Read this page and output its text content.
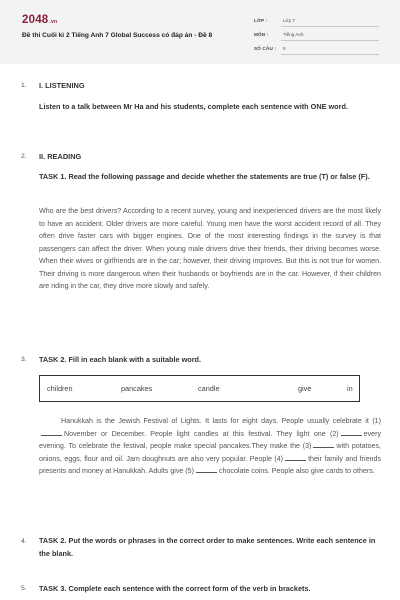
2048.vn
Đề thi Cuối kì 2 Tiếng Anh 7 Global Success có đáp án - Đề 8
LỚP :	Lớp 7
MÔN :	Tiếng Anh
SỐ CÂU : 5
1. I. LISTENING
Listen to a talk between Mr Ha and his students, complete each sentence with ONE word.
2. II. READING
TASK 1. Read the following passage and decide whether the statements are true (T) or false (F).

Who are the best drivers? According to a recent survey, young and inexperienced drivers are the most likely to have an accident. Older drivers are more careful. Young men have the worst accident record of all. They often drive faster cars with bigger engines. One of the most interesting findings in the survey is that passengers can affect the driver. When young male drivers drive their friends, their driving becomes worse. When their wives or girlfriends are in the car; however, their driving improves. But this is not true for women. Their driving is more dangerous when their husbands or boyfriends are in the car. However, if their children are riding in the car, they drive more slowly and safely.

3. TASK 2. Fill in each blank with a suitable word.
children	pancakes	candle	give	in

Hanukkah is the Jewish Festival of Lights. It lasts for eight days. People usually celebrate it (1)November or December. People light candles at this festival. They light one (2)	every evening. To celebrate the festival, people make special pancakes.They make the (3)	with potatoes, onions, eggs, flour and oil. Jam doughnuts are also very popular. People (4)	their family and friends presents and money at Hanukkah. Adults give (5)	chocolate coins. People also give cards to others.

4. TASK 2. Put the words or phrases in the correct order to make sentences. Write each sentence in the blank.
5. TASK 3. Complete each sentence with the correct form of the verb in brackets.
